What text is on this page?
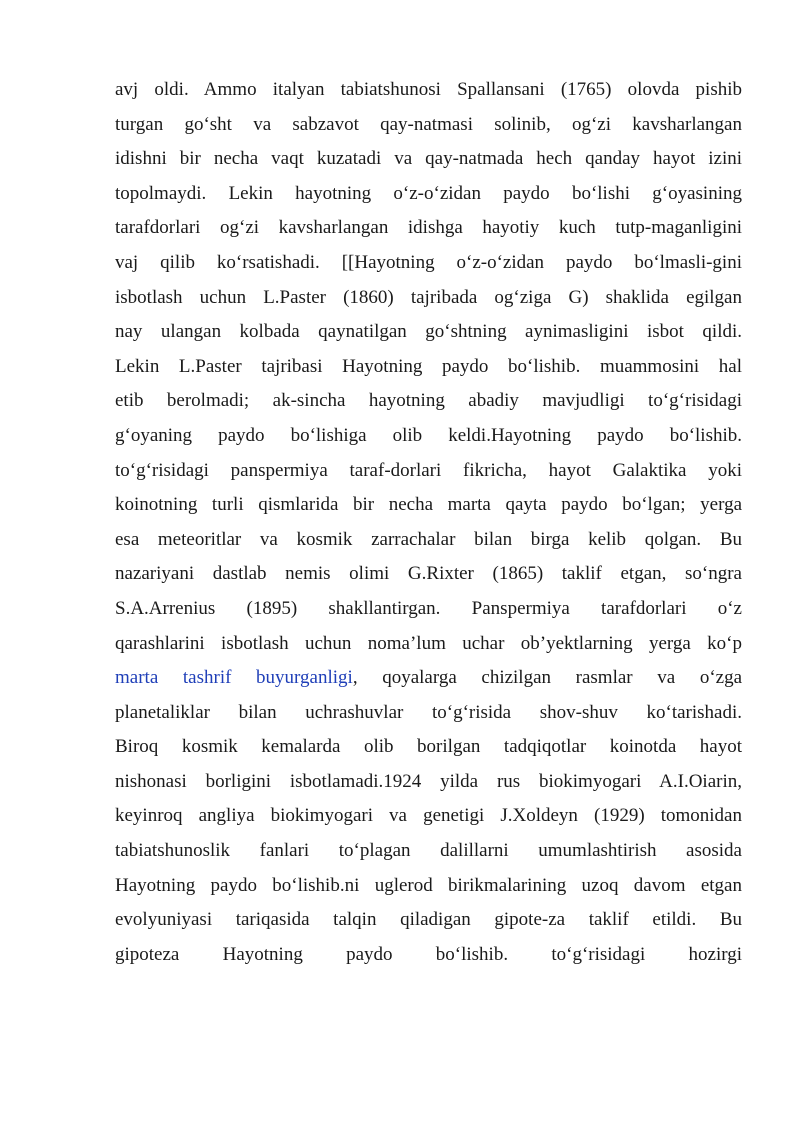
avj oldi. Ammo italyan tabiatshunosi Spallansani (1765) olovda pishib
turgan go‘sht va sabzavot qay-natmasi solinib, og‘zi kavsharlangan
idishni bir necha vaqt kuzatadi va qay-natmada hech qanday hayot izini
topolmaydi. Lekin hayotning o‘z-o‘zidan paydo bo‘lishi g‘oyasining
tarafdorlari og‘zi kavsharlangan idishga hayotiy kuch tutp-maganligini
vaj qilib ko‘rsatishadi. [[Hayotning o‘z-o‘zidan paydo bo‘lmasli-gini
isbotlash uchun L.Paster (1860) tajribada og‘ziga G) shaklida egilgan
nay ulangan kolbada qaynatilgan go‘shtning aynimasligini isbot qildi.
Lekin L.Paster tajribasi Hayotning paydo bo‘lishib. muammosini hal
etib berolmadi; ak-sincha hayotning abadiy mavjudligi to‘g‘risidagi
g‘oyaning paydo bo‘lishiga olib keldi.Hayotning paydo bo‘lishib.
to‘g‘risidagi panspermiya taraf-dorlari fikricha, hayot Galaktika yoki
koinotning turli qismlarida bir necha marta qayta paydo bo‘lgan; yerga
esa meteoritlar va kosmik zarrachalar bilan birga kelib qolgan. Bu
nazariyani dastlab nemis olimi G.Rixter (1865) taklif etgan, so‘ngra
S.A.Arrenius (1895) shakllantirgan. Panspermiya tarafdorlari o‘z
qarashlarini isbotlash uchun noma’lum uchar ob’yektlarning yerga ko‘p
marta tashrif buyurganligi, qoyalarga chizilgan rasmlar va o‘zga
planetaliklar bilan uchrashuvlar to‘g‘risida shov-shuv ko‘tarishadi.
Biroq kosmik kemalarda olib borilgan tadqiqotlar koinotda hayot
nishonasi borligini isbotlamadi.1924 yilda rus biokimyogari A.I.Oiarin,
keyinroq angliya biokimyogari va genetigi J.Xoldeyn (1929) tomonidan
tabiatshunoslik fanlari to‘plagan dalillarni umumlashtirish asosida
Hayotning paydo bo‘lishib.ni uglerod birikmalarining uzoq davom etgan
evolyuniyasi tariqasida talqin qiladigan gipote-za taklif etildi. Bu
gipoteza Hayotning paydo bo‘lishib. to‘g‘risidagi hozirgi
